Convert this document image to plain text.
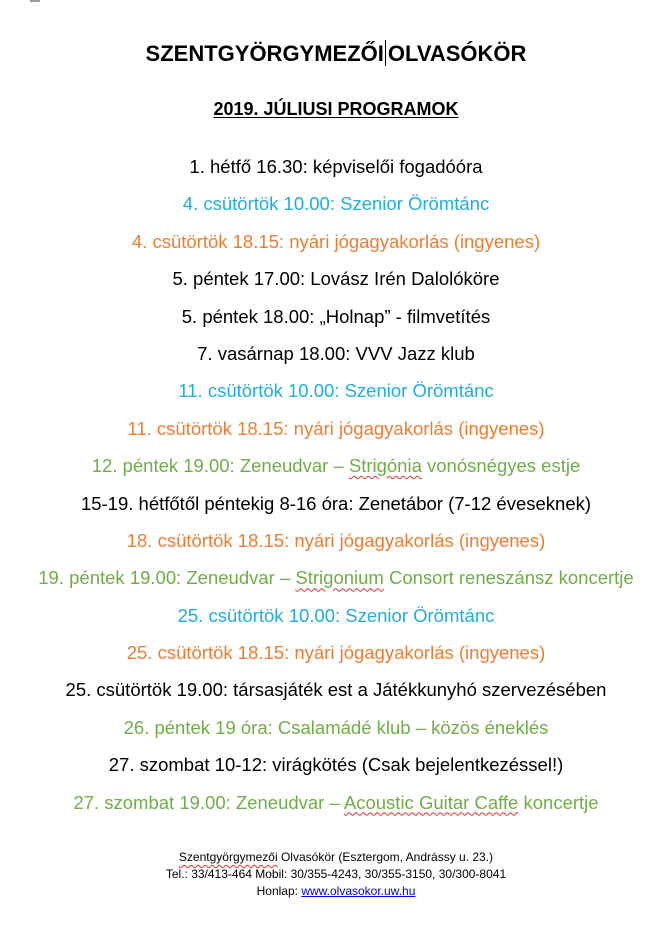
SZENTGYÖRGYMEZŐI OLVASÓKÖR
2019. JÚLIUSI PROGRAMOK
1. hétfő 16.30: képviselői fogadóóra
4. csütörtök 10.00: Szenior Örömtánc
4. csütörtök 18.15: nyári jógagyakorlás (ingyenes)
5. péntek 17.00: Lovász Irén Dalolóköre
5. péntek 18.00: „Holnap” - filmvetítés
7. vasárnap 18.00: VVV Jazz klub
11. csütörtök 10.00: Szenior Örömtánc
11. csütörtök 18.15: nyári jógagyakorlás (ingyenes)
12. péntek 19.00: Zeneudvar – Strigónia vonósnégyes estje
15-19. hétfőtől péntekig 8-16 óra: Zenetábor (7-12 éveseknek)
18. csütörtök 18.15: nyári jógagyakorlás (ingyenes)
19. péntek 19.00: Zeneudvar – Strigonium Consort reneszánsz koncertje
25. csütörtök 10.00: Szenior Örömtánc
25. csütörtök 18.15: nyári jógagyakorlás (ingyenes)
25. csütörtök 19.00: társasjáték est a Játékkunyhó szervezésében
26. péntek 19 óra: Csalamádé klub – közös éneklés
27. szombat 10-12: virágkötés (Csak bejelentkezéssel!)
27. szombat 19.00: Zeneudvar – Acoustic Guitar Caffe koncertje
Szentgyörgymezői Olvasókör (Esztergom, Andrássy u. 23.)
Tel.: 33/413-464 Mobil: 30/355-4243, 30/355-3150, 30/300-8041
Honlap: www.olvasokor.uw.hu
